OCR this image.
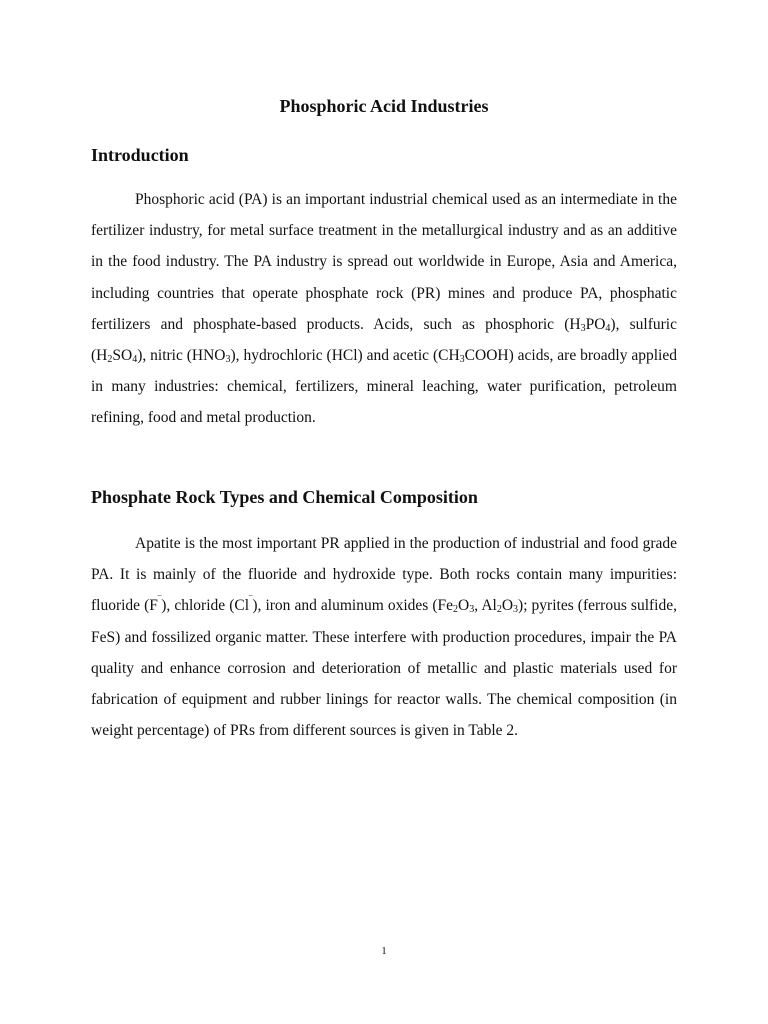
Phosphoric Acid Industries
Introduction

Phosphoric acid (PA) is an important industrial chemical used as an intermediate in the fertilizer industry, for metal surface treatment in the metallurgical industry and as an additive in the food industry. The PA industry is spread out worldwide in Europe, Asia and America, including countries that operate phosphate rock (PR) mines and produce PA, phosphatic fertilizers and phosphate-based products. Acids, such as phosphoric $(H_3PO_4)$, sulfuric $(H_2SO_4)$, nitric $(HNO_3)$, hydrochloric (HCl) and acetic $(CH_3COOH)$ acids, are broadly applied in many industries: chemical, fertilizers, mineral leaching, water purification, petroleum refining, food and metal production.

Phosphate Rock Types and Chemical Composition

Apatite is the most important PR applied in the production of industrial and food grade PA. It is mainly of the fluoride and hydroxide type. Both rocks contain many impurities: fluoride (F‾), chloride (Cl‾), iron and aluminum oxides ($Fe_2O_3$, $Al_2O_3$); pyrites (ferrous sulfide, FeS) and fossilized organic matter. These interfere with production procedures, impair the PA quality and enhance corrosion and deterioration of metallic and plastic materials used for fabrication of equipment and rubber linings for reactor walls. The chemical composition (in weight percentage) of PRs from different sources is given in Table 2.

1
